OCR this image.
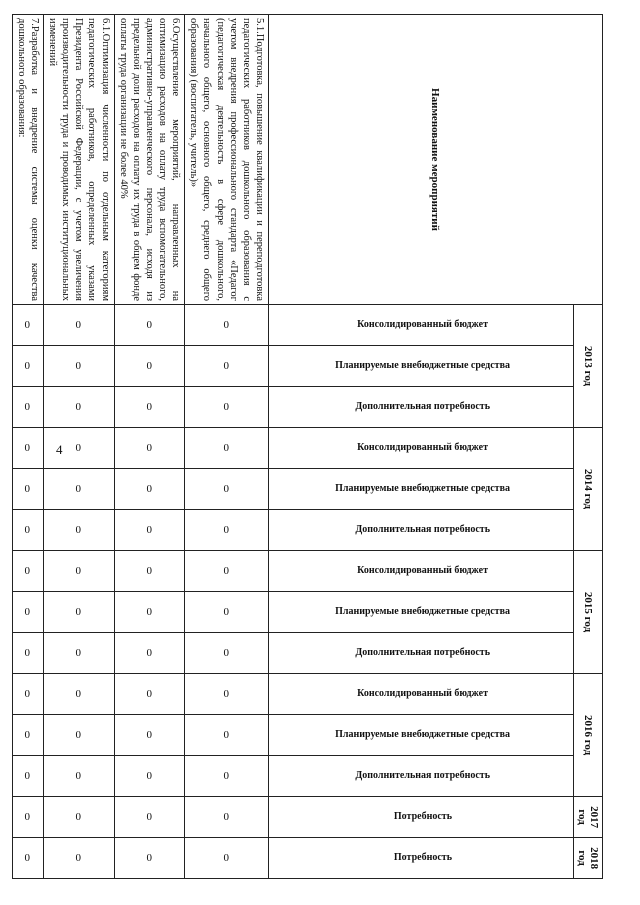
4
Наименование мероприятий	2013 год			2014 год			2015 год			2016 год			2017 год	2018 год
	Консолидированный бюджет	Планируемые внебюджетные средства	Дополнительная потребность	Консолидированный бюджет	Планируемые внебюджетные средства	Дополнительная потребность	Консолидированный бюджет	Планируемые внебюджетные средства	Дополнительная потребность	Консолидированный бюджет	Планируемые внебюджетные средства	Дополнительная потребность	Потребность	Потребность
5.1.Подготовка, повышение квалификации и переподготовка педагогических работников дошкольного образования с учетом внедрения профессионального стандарта «Педагог (педагогическая деятельность в сфере дошкольного, начального общего, основного общего, среднего общего образования) (воспитатель, учитель)»	0	0	0	0	0	0	0	0	0	0	0	0	0	0
6.Осуществление мероприятий, направленных на оптимизацию расходов на оплату труда вспомогательного, административно-управленческого персонала, исходя из предельной доли расходов на оплату их труда в общем фонде оплаты труда организации не более 40%	0	0	0	0	0	0	0	0	0	0	0	0	0	0
6.1.Оптимизация численности по отдельным категориям педагогических работников, определенных указами Президента Российской Федерации, с учетом увеличения производительности труда и проводимых институциональных изменений	0	0	0	0	0	0	0	0	0	0	0	0	0	0
7.Разработка и внедрение системы оценки качества дошкольного образования:	0	0	0	0	0	0	0	0	0	0	0	0	0	0
